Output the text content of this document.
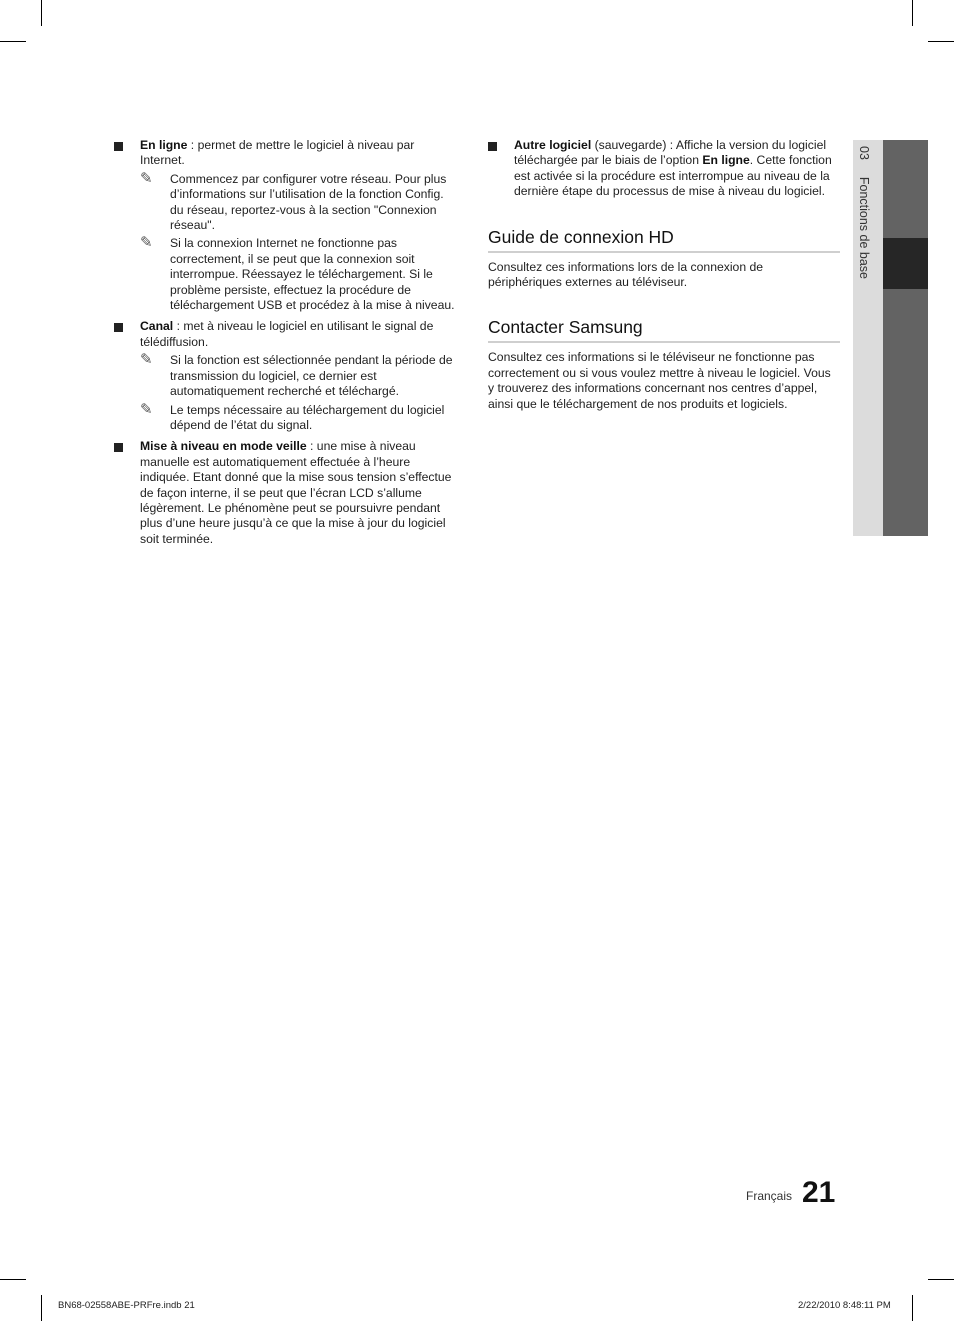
En ligne : permet de mettre le logiciel à niveau par Internet.
✎ Commencez par configurer votre réseau. Pour plus d’informations sur l’utilisation de la fonction Config. du réseau, reportez-vous à la section "Connexion réseau".
✎ Si la connexion Internet ne fonctionne pas correctement, il se peut que la connexion soit interrompue. Réessayez le téléchargement. Si le problème persiste, effectuez la procédure de téléchargement USB et procédez à la mise à niveau.
Canal : met à niveau le logiciel en utilisant le signal de télédiffusion.
✎ Si la fonction est sélectionnée pendant la période de transmission du logiciel, ce dernier est automatiquement recherché et téléchargé.
✎ Le temps nécessaire au téléchargement du logiciel dépend de l’état du signal.
Mise à niveau en mode veille : une mise à niveau manuelle est automatiquement effectuée à l’heure indiquée. Etant donné que la mise sous tension s’effectue de façon interne, il se peut que l’écran LCD s’allume légèrement. Le phénomène peut se poursuivre pendant plus d’une heure jusqu’à ce que la mise à jour du logiciel soit terminée.
Autre logiciel (sauvegarde) : Affiche la version du logiciel téléchargée par le biais de l’option En ligne. Cette fonction est activée si la procédure est interrompue au niveau de la dernière étape du processus de mise à niveau du logiciel.
Guide de connexion HD

Consultez ces informations lors de la connexion de périphériques externes au téléviseur.

Contacter Samsung

Consultez ces informations si le téléviseur ne fonctionne pas correctement ou si vous voulez mettre à niveau le logiciel. Vous y trouverez des informations concernant nos centres d’appel, ainsi que le téléchargement de nos produits et logiciels.

03  Fonctions de base
Français 21
BN68-02558ABE-PRFre.indb 21	2/22/2010 8:48:11 PM
